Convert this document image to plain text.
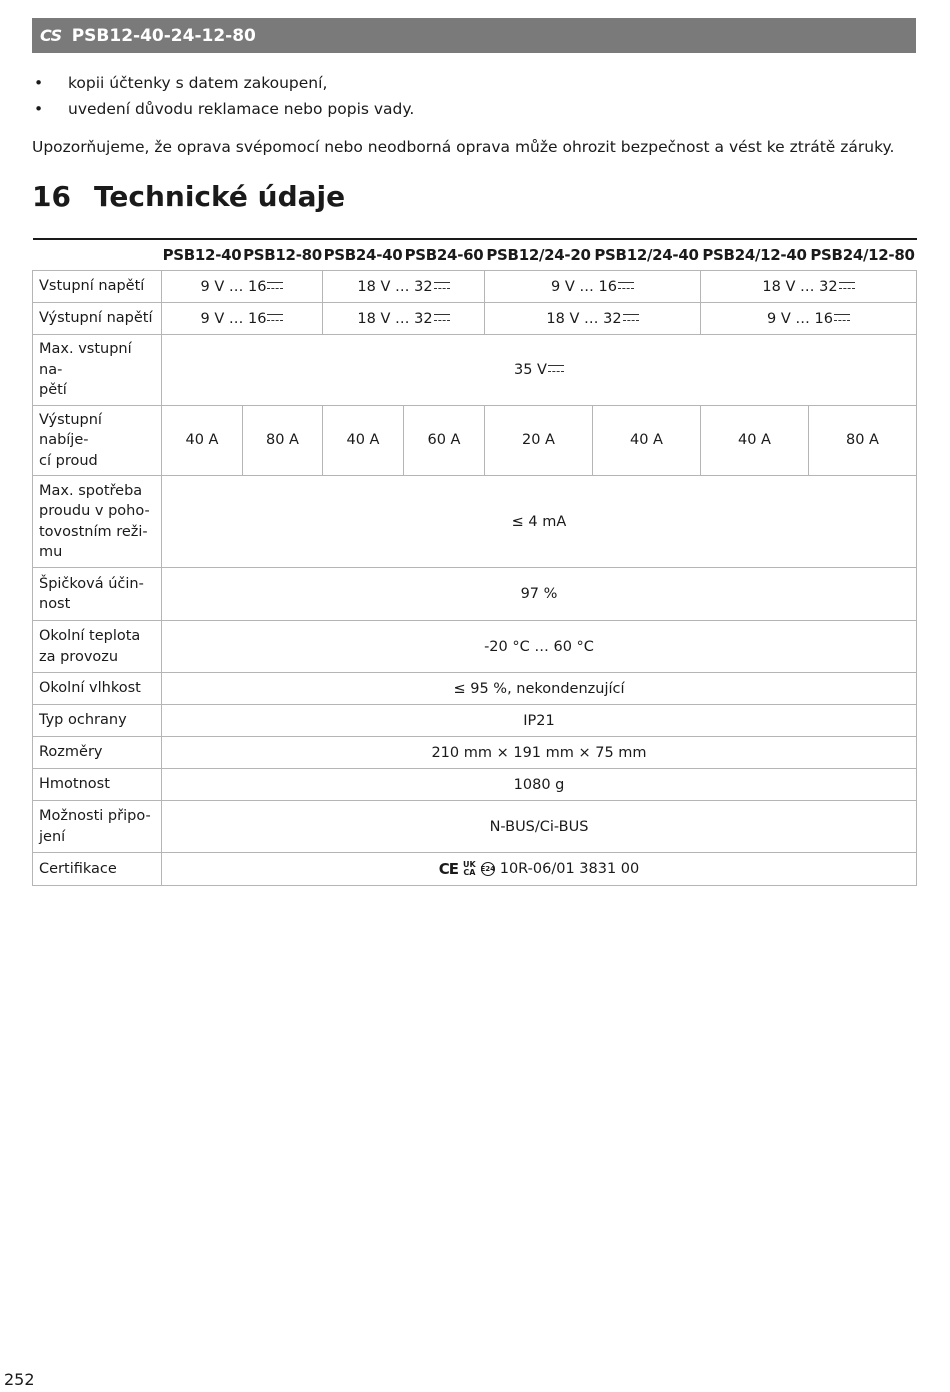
CS PSB12-40-24-12-80
•	kopii účtenky s datem zakoupení,
•	uvedení důvodu reklamace nebo popis vady.
Upozorňujeme, že oprava svépomocí nebo neodborná oprava může ohrozit bezpečnost a vést ke ztrátě záruky.
16 Technické údaje
	PSB12-40	PSB12-80	PSB24-40	PSB24-60	PSB12/24-20	PSB12/24-40	PSB24/12-40	PSB24/12-80
Vstupní napětí	9 V … 16		18 V … 32		9 V … 16		18 V … 32	
Výstupní napětí	9 V … 16		18 V … 32		18 V … 32		9 V … 16	
Max. vstupní na-
pětí	35 V							
Výstupní nabíje-
cí proud	40 A	80 A	40 A	60 A	20 A	40 A	40 A	80 A
Max. spotřeba
proudu v poho-
tovostním reži-
mu	≤ 4 mA							
Špičková účin-
nost	97 %							
Okolní teplota
za provozu	-20 °C … 60 °C							
Okolní vlhkost	≤ 95 %, nekondenzující							
Typ ochrany	IP21							
Rozměry	210 mm × 191 mm × 75 mm							
Hmotnost	1080 g							
Možnosti připo-
jení	N-BUS/Ci-BUS							
Certifikace	CE UK
CA E24 10R-06/01 3831 00							
252
